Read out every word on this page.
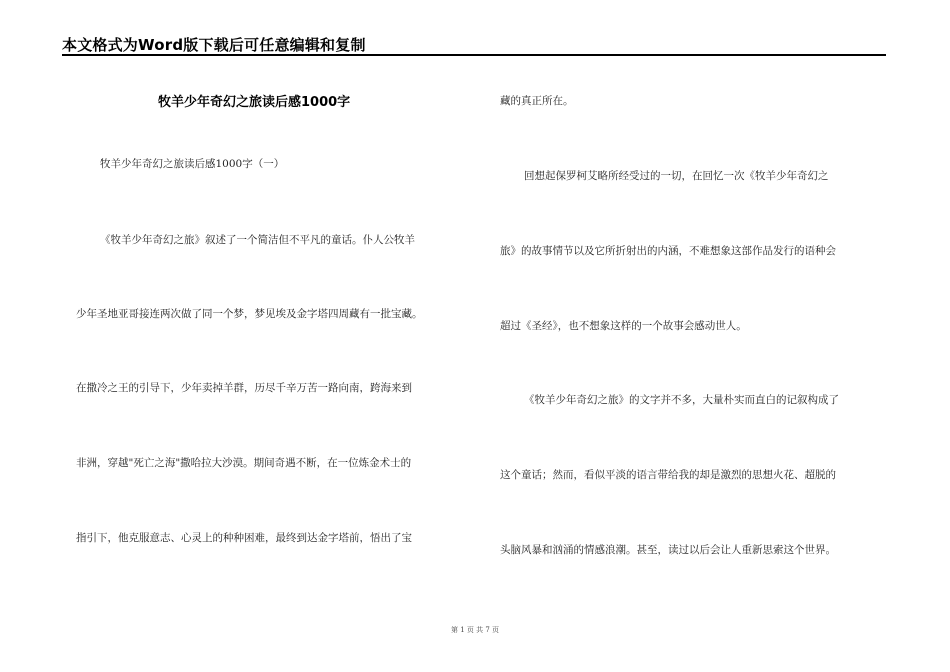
本文格式为Word版下载后可任意编辑和复制
牧羊少年奇幻之旅读后感1000字
牧羊少年奇幻之旅读后感1000字（一）
《牧羊少年奇幻之旅》叙述了一个简洁但不平凡的童话。仆人公牧羊
少年圣地亚哥接连两次做了同一个梦，梦见埃及金字塔四周藏有一批宝藏。
在撒冷之王的引导下，少年卖掉羊群，历尽千辛万苦一路向南，跨海来到
非洲，穿越"死亡之海"撒哈拉大沙漠。期间奇遇不断，在一位炼金术士的
指引下，他克服意志、心灵上的种种困难，最终到达金字塔前，悟出了宝
藏的真正所在。
回想起保罗柯艾略所经受过的一切，在回忆一次《牧羊少年奇幻之
旅》的故事情节以及它所折射出的内涵，不难想象这部作品发行的语种会
超过《圣经》，也不想象这样的一个故事会感动世人。
《牧羊少年奇幻之旅》的文字并不多，大量朴实而直白的记叙构成了
这个童话；然而，看似平淡的语言带给我的却是激烈的思想火花、超脱的
头脑风暴和汹涌的情感浪潮。甚至，读过以后会让人重新思索这个世界。
第 1 页 共 7 页
